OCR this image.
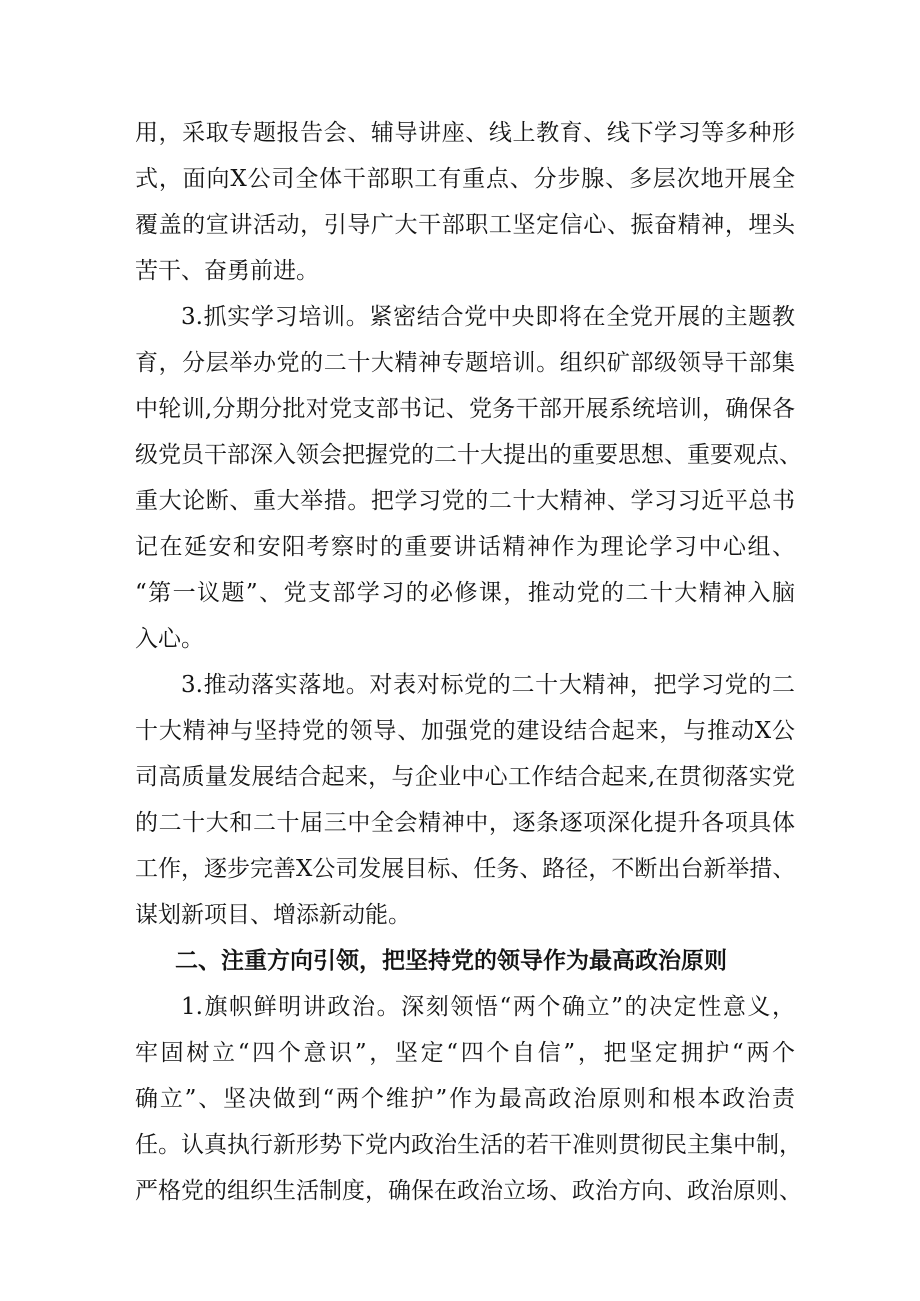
用，采取专题报告会、辅导讲座、线上教育、线下学习等多种形

式，面向X公司全体干部职工有重点、分步腺、多层次地开展全

覆盖的宣讲活动，引导广大干部职工坚定信心、振奋精神，埋头

苦干、奋勇前进。

3.抓实学习培训。紧密结合党中央即将在全党开展的主题教

育，分层举办党的二十大精神专题培训。组织矿部级领导干部集

中轮训,分期分批对党支部书记、党务干部开展系统培训，确保各

级党员干部深入领会把握党的二十大提出的重要思想、重要观点、

重大论断、重大举措。把学习党的二十大精神、学习习近平总书

记在延安和安阳考察时的重要讲话精神作为理论学习中心组、

“第一议题”、党支部学习的必修课，推动党的二十大精神入脑

入心。

3.推动落实落地。对表对标党的二十大精神，把学习党的二

十大精神与坚持党的领导、加强党的建设结合起来，与推动X公

司高质量发展结合起来，与企业中心工作结合起来,在贯彻落实党

的二十大和二十届三中全会精神中，逐条逐项深化提升各项具体

工作，逐步完善X公司发展目标、任务、路径，不断出台新举措、

谋划新项目、增添新动能。

二、注重方向引领，把坚持党的领导作为最高政治原则

1.旗帜鲜明讲政治。深刻领悟“两个确立”的决定性意义，

牢固树立“四个意识”，坚定“四个自信”，把坚定拥护“两个

确立”、坚决做到“两个维护”作为最高政治原则和根本政治责

任。认真执行新形势下党内政治生活的若干准则贯彻民主集中制，

严格党的组织生活制度，确保在政治立场、政治方向、政治原则、
